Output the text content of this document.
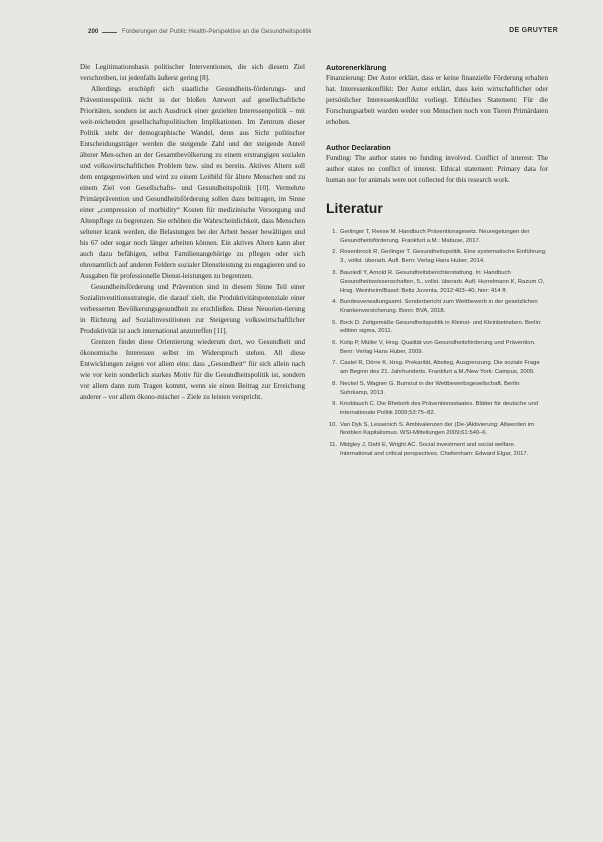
200	Forderungen der Public Health-Perspektive an die Gesundheitspolitik	DE GRUYTER

Die Legitimationsbasis politischer Interventionen, die sich diesem Ziel verschreiben, ist jedenfalls äußerst gering [8].

Allerdings erschöpft sich staatliche Gesundheits-förderungs- und Präventionspolitik nicht in der bloßen Antwort auf gesellschaftliche Prioritäten, sondern ist auch Ausdruck einer gezielten Interessenpolitik – mit weit-reichenden gesellschaftspolitischen Implikationen. Im Zentrum dieser Politik steht der demographische Wandel, denn aus Sicht politischer Entscheidungsträger werden die steigende Zahl und der steigende Anteil älterer Men-schen an der Gesamtbevölkerung zu einem erstrangigen sozialen und volkswirtschaftlichen Problem bzw. sind es bereits. Aktives Altern soll dem entgegenwirken und wird zu einem Leitbild für ältere Menschen und zu einem Ziel von Gesellschafts- und Gesundheitspolitik [10]. Vermehrte Primärprävention und Gesundheitsförderung sollen dazu beitragen, im Sinne einer „compression of morbidity“ Kosten für medizinische Versorgung und Altenpflege zu begrenzen. Sie erhöhen die Wahrscheinlichkeit, dass Menschen seltener krank werden, die Belastungen bei der Arbeit besser bewältigen und bis 67 oder sogar noch länger arbeiten können. Ein aktives Altern kann aber auch dazu befähigen, selbst Familienangehörige zu pflegen oder sich ehrenamtlich auf anderen Feldern sozialer Dienstleistung zu engagieren und so Ausgaben für professionelle Dienst-leistungen zu begrenzen.

Gesundheitsförderung und Prävention sind in diesem Sinne Teil einer Sozialinvestitionsstrategie, die darauf zielt, die Produktivitätspotenziale einer verbesserten Bevölkerungsgesundheit zu erschließen. Diese Neuorien-tierung in Richtung auf Sozialinvestitionen zur Steigerung volkswirtschaftlicher Produktivität ist auch international anzutreffen [11].

Grenzen findet diese Orientierung wiederum dort, wo Gesundheit und ökonomische Interessen selbst im Widerspruch stehen. All diese Entwicklungen zeigen vor allem eins: dass „Gesundheit“ für sich allein nach wie vor kein sonderlich starkes Motiv für die Gesundheitspolitik ist, sondern vor allem dann zum Tragen kommt, wenn sie einen Beitrag zur Erreichung anderer – vor allem ökono-mischer – Ziele zu leisten verspricht.

Autorenerklärung

Finanzierung: Der Autor erklärt, dass er keine finanzielle Förderung erhalten hat. Interessenkonflikt: Der Autor erklärt, dass kein wirtschaftlicher oder persönlicher Interessenkonflikt vorliegt. Ethisches Statement: Für die Forschungsarbeit wurden weder von Menschen noch von Tieren Primärdaten erhoben.

Author Declaration

Funding: The author states no funding involved. Conflict of interest: The author states no conflict of interest. Ethical statement: Primary data for human nor for animals were not collected for this research work.

Literatur
1. Gerlinger T, Reese M. Handbuch Präventionsgesetz. Neuregelungen der Gesundheitsförderung. Frankfurt a.M.: Mabuse, 2017.
2. Rosenbrock R, Gerlinger T. Gesundheitspolitik. Eine systematische Einführung, 3., vollst. überarb. Aufl. Bern: Verlag Hans Huber, 2014.
3. Bauriedl Y, Arnold R. Gesundheitsberichterstattung. In: Handbuch Gesundheitswissenschaften, 5., vollst. überarb. Aufl. Hurrelmann K, Razum O, Hrsg. Weinheim/Basel: Beltz Juventa, 2012:403–40, hier: 414 ff.
4. Bundesverwaltungsamt. Sonderbericht zum Wettbewerb in der gesetzlichen Krankenversicherung. Bonn: BVA, 2018.
5. Bock D. Zeitgemäße Gesundheitspolitik in Kleinst- und Kleinbetrieben. Berlin: edition sigma, 2011.
6. Kolip P, Müller V, Hrsg. Qualität von Gesundheitsförderung und Prävention. Bern: Verlag Hans Huber, 2009.
7. Castel R, Dörre K, Hrsg. Prekarität, Abstieg, Ausgrenzung. Die soziale Frage am Beginn des 21. Jahrhunderts. Frankfurt a.M./New York: Campus, 2009.
8. Neckel S, Wagner G. Burnout in der Wettbewerbsgesellschaft. Berlin: Suhrkamp, 2013.
9. Knoblauch C. Die Rhetorik des Präventionsstaates. Blätter für deutsche und internationale Politik 2009;53:75–82.
10. Van Dyk S, Lessenich S. Ambivalenzen der (De-)Aktivierung: Altwerden im flexiblen Kapitalismus. WSI-Mitteilungen 2009;61:540–6.
11. Midgley J, Dahl E, Wright AC. Social investment and social welfare. International and critical perspectives. Cheltenham: Edward Elgar, 2017.
